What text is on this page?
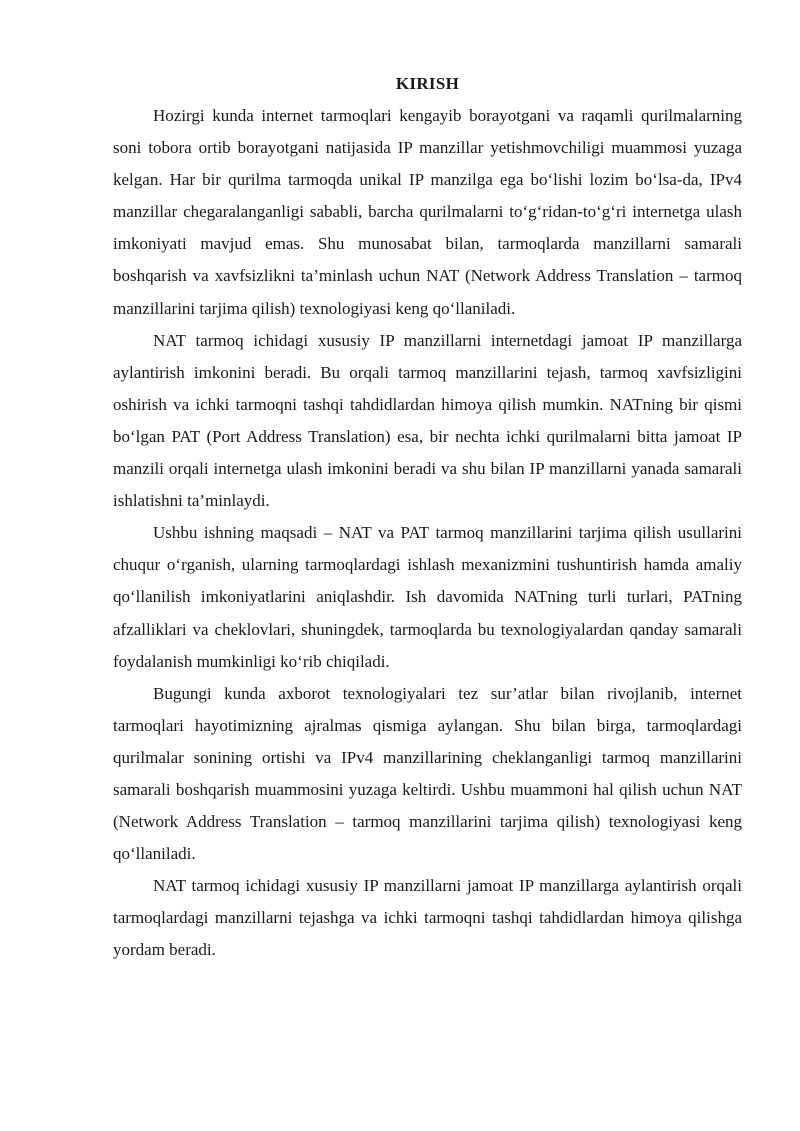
KIRISH

Hozirgi kunda internet tarmoqlari kengayib borayotgani va raqamli qurilmalarning soni tobora ortib borayotgani natijasida IP manzillar yetishmovchiligi muammosi yuzaga kelgan. Har bir qurilma tarmoqda unikal IP manzilga ega bo‘lishi lozim bo‘lsa-da, IPv4 manzillar chegaralanganligi sababli, barcha qurilmalarni to‘g‘ridan-to‘g‘ri internetga ulash imkoniyati mavjud emas. Shu munosabat bilan, tarmoqlarda manzillarni samarali boshqarish va xavfsizlikni ta’minlash uchun NAT (Network Address Translation – tarmoq manzillarini tarjima qilish) texnologiyasi keng qo‘llaniladi.

NAT tarmoq ichidagi xususiy IP manzillarni internetdagi jamoat IP manzillarga aylantirish imkonini beradi. Bu orqali tarmoq manzillarini tejash, tarmoq xavfsizligini oshirish va ichki tarmoqni tashqi tahdidlardan himoya qilish mumkin. NATning bir qismi bo‘lgan PAT (Port Address Translation) esa, bir nechta ichki qurilmalarni bitta jamoat IP manzili orqali internetga ulash imkonini beradi va shu bilan IP manzillarni yanada samarali ishlatishni ta’minlaydi.

Ushbu ishning maqsadi – NAT va PAT tarmoq manzillarini tarjima qilish usullarini chuqur o‘rganish, ularning tarmoqlardagi ishlash mexanizmini tushuntirish hamda amaliy qo‘llanilish imkoniyatlarini aniqlashdir. Ish davomida NATning turli turlari, PATning afzalliklari va cheklovlari, shuningdek, tarmoqlarda bu texnologiyalardan qanday samarali foydalanish mumkinligi ko‘rib chiqiladi.

Bugungi kunda axborot texnologiyalari tez sur’atlar bilan rivojlanib, internet tarmoqlari hayotimizning ajralmas qismiga aylangan. Shu bilan birga, tarmoqlardagi qurilmalar sonining ortishi va IPv4 manzillarining cheklanganligi tarmoq manzillarini samarali boshqarish muammosini yuzaga keltirdi. Ushbu muammoni hal qilish uchun NAT (Network Address Translation – tarmoq manzillarini tarjima qilish) texnologiyasi keng qo‘llaniladi.

NAT tarmoq ichidagi xususiy IP manzillarni jamoat IP manzillarga aylantirish orqali tarmoqlardagi manzillarni tejashga va ichki tarmoqni tashqi tahdidlardan himoya qilishga yordam beradi.
